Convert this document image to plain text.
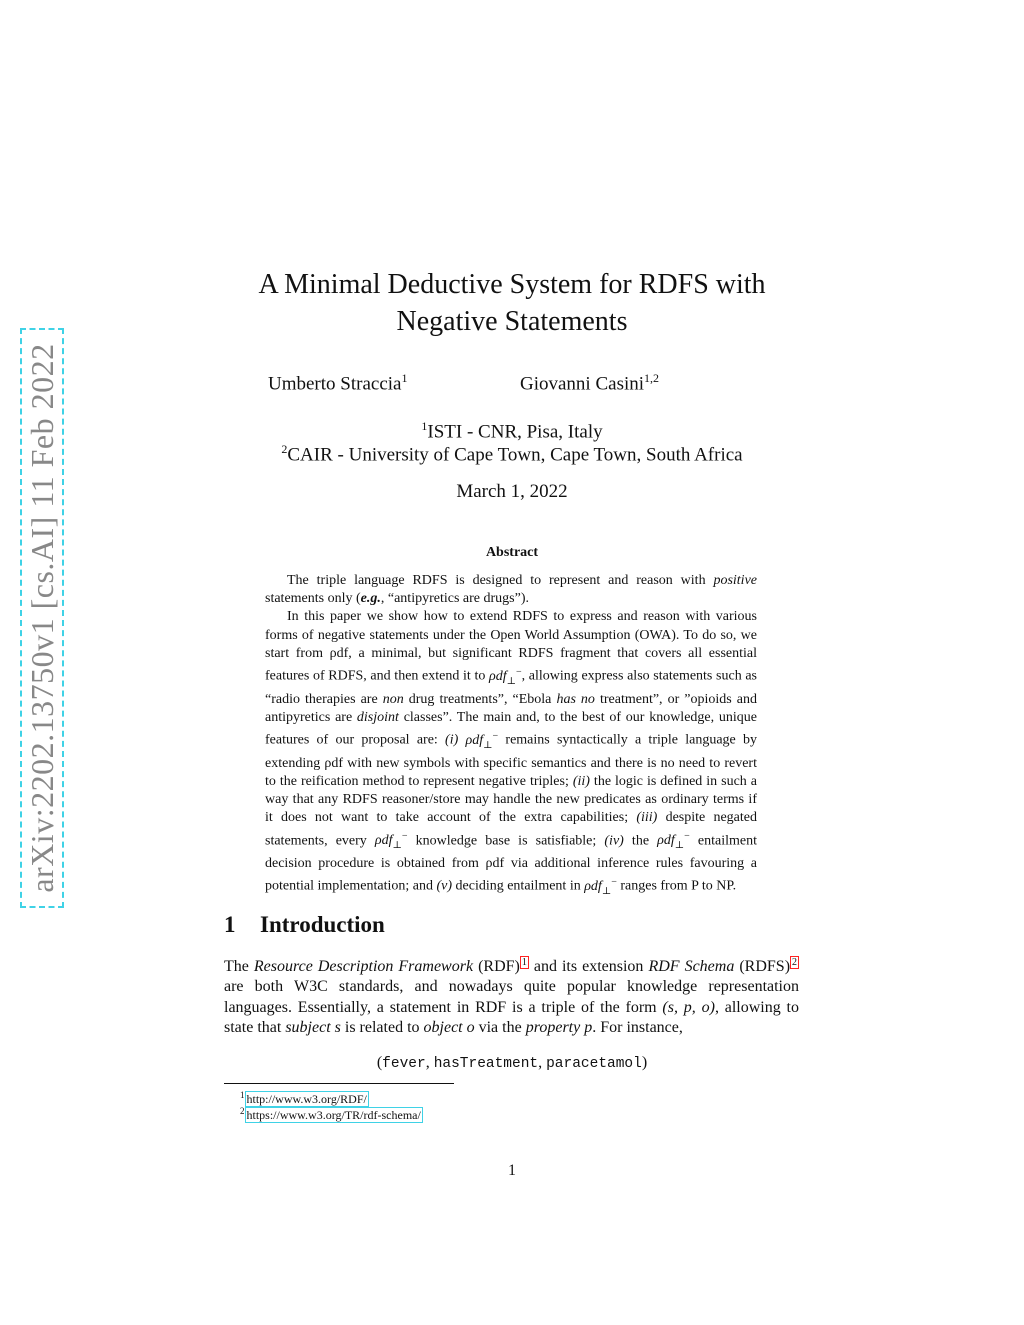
arXiv:2202.13750v1 [cs.AI] 11 Feb 2022
A Minimal Deductive System for RDFS with Negative Statements
Umberto Straccia$^1$	Giovanni Casini$^{1,2}$
$^1$ISTI - CNR, Pisa, Italy
$^2$CAIR - University of Cape Town, Cape Town, South Africa
March 1, 2022
Abstract

The triple language RDFS is designed to represent and reason with positive statements only (e.g., “antipyretics are drugs”).

In this paper we show how to extend RDFS to express and reason with various forms of negative statements under the Open World Assumption (OWA). To do so, we start from ρdf, a minimal, but significant RDFS fragment that covers all essential features of RDFS, and then extend it to ρdf$_\perp$−, allowing express also statements such as “radio therapies are non drug treatments”, “Ebola has no treatment”, or ”opioids and antipyretics are disjoint classes”. The main and, to the best of our knowledge, unique features of our proposal are: (i) ρdf$_\perp$− remains syntactically a triple language by extending ρdf with new symbols with specific semantics and there is no need to revert to the reification method to represent negative triples; (ii) the logic is defined in such a way that any RDFS reasoner/store may handle the new predicates as ordinary terms if it does not want to take account of the extra capabilities; (iii) despite negated statements, every ρdf$_\perp$− knowledge base is satisfiable; (iv) the ρdf$_\perp$− entailment decision procedure is obtained from ρdf via additional inference rules favouring a potential implementation; and (v) deciding entailment in ρdf$_\perp$− ranges from P to NP.

1 Introduction

The Resource Description Framework (RDF) $^1$ and its extension RDF Schema (RDFS) $^2$ are both W3C standards, and nowadays quite popular knowledge representation languages. Essentially, a statement in RDF is a triple of the form (s, p, o), allowing to state that subject s is related to object o via the property p. For instance,

(fever, hasTreatment, paracetamol)
$^1$ http://www.w3.org/RDF/
$^2$ https://www.w3.org/TR/rdf-schema/
1
